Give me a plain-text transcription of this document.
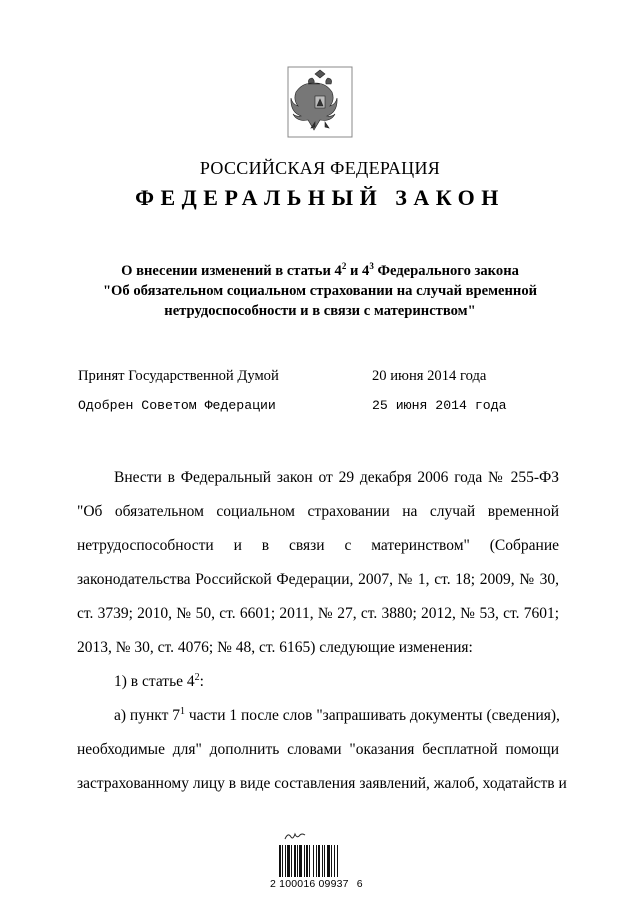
РОССИЙСКАЯ ФЕДЕРАЦИЯ
ФЕДЕРАЛЬНЫЙ ЗАКОН
О внесении изменений в статьи $4^2$ и $4^3$ Федерального закона
"Об обязательном социальном страховании на случай временной
нетрудоспособности и в связи с материнством"
Принят Государственной Думой	20 июня 2014 года
Одобрен Советом Федерации	25 июня 2014 года
Внести в Федеральный закон от 29 декабря 2006 года № 255-ФЗ
"Об обязательном социальном страховании на случай временной
нетрудоспособности и в связи с материнством" (Собрание
законодательства Российской Федерации, 2007, № 1, ст. 18; 2009, № 30,
ст. 3739; 2010, № 50, ст. 6601; 2011, № 27, ст. 3880; 2012, № 53, ст. 7601;
2013, № 30, ст. 4076; № 48, ст. 6165) следующие изменения:
1) в статье $4^2$:
а) пункт $7^1$ части 1 после слов "запрашивать документы (сведения),
необходимые для" дополнить словами "оказания бесплатной помощи
застрахованному лицу в виде составления заявлений, жалоб, ходатайств и
2 100016 09937 6
